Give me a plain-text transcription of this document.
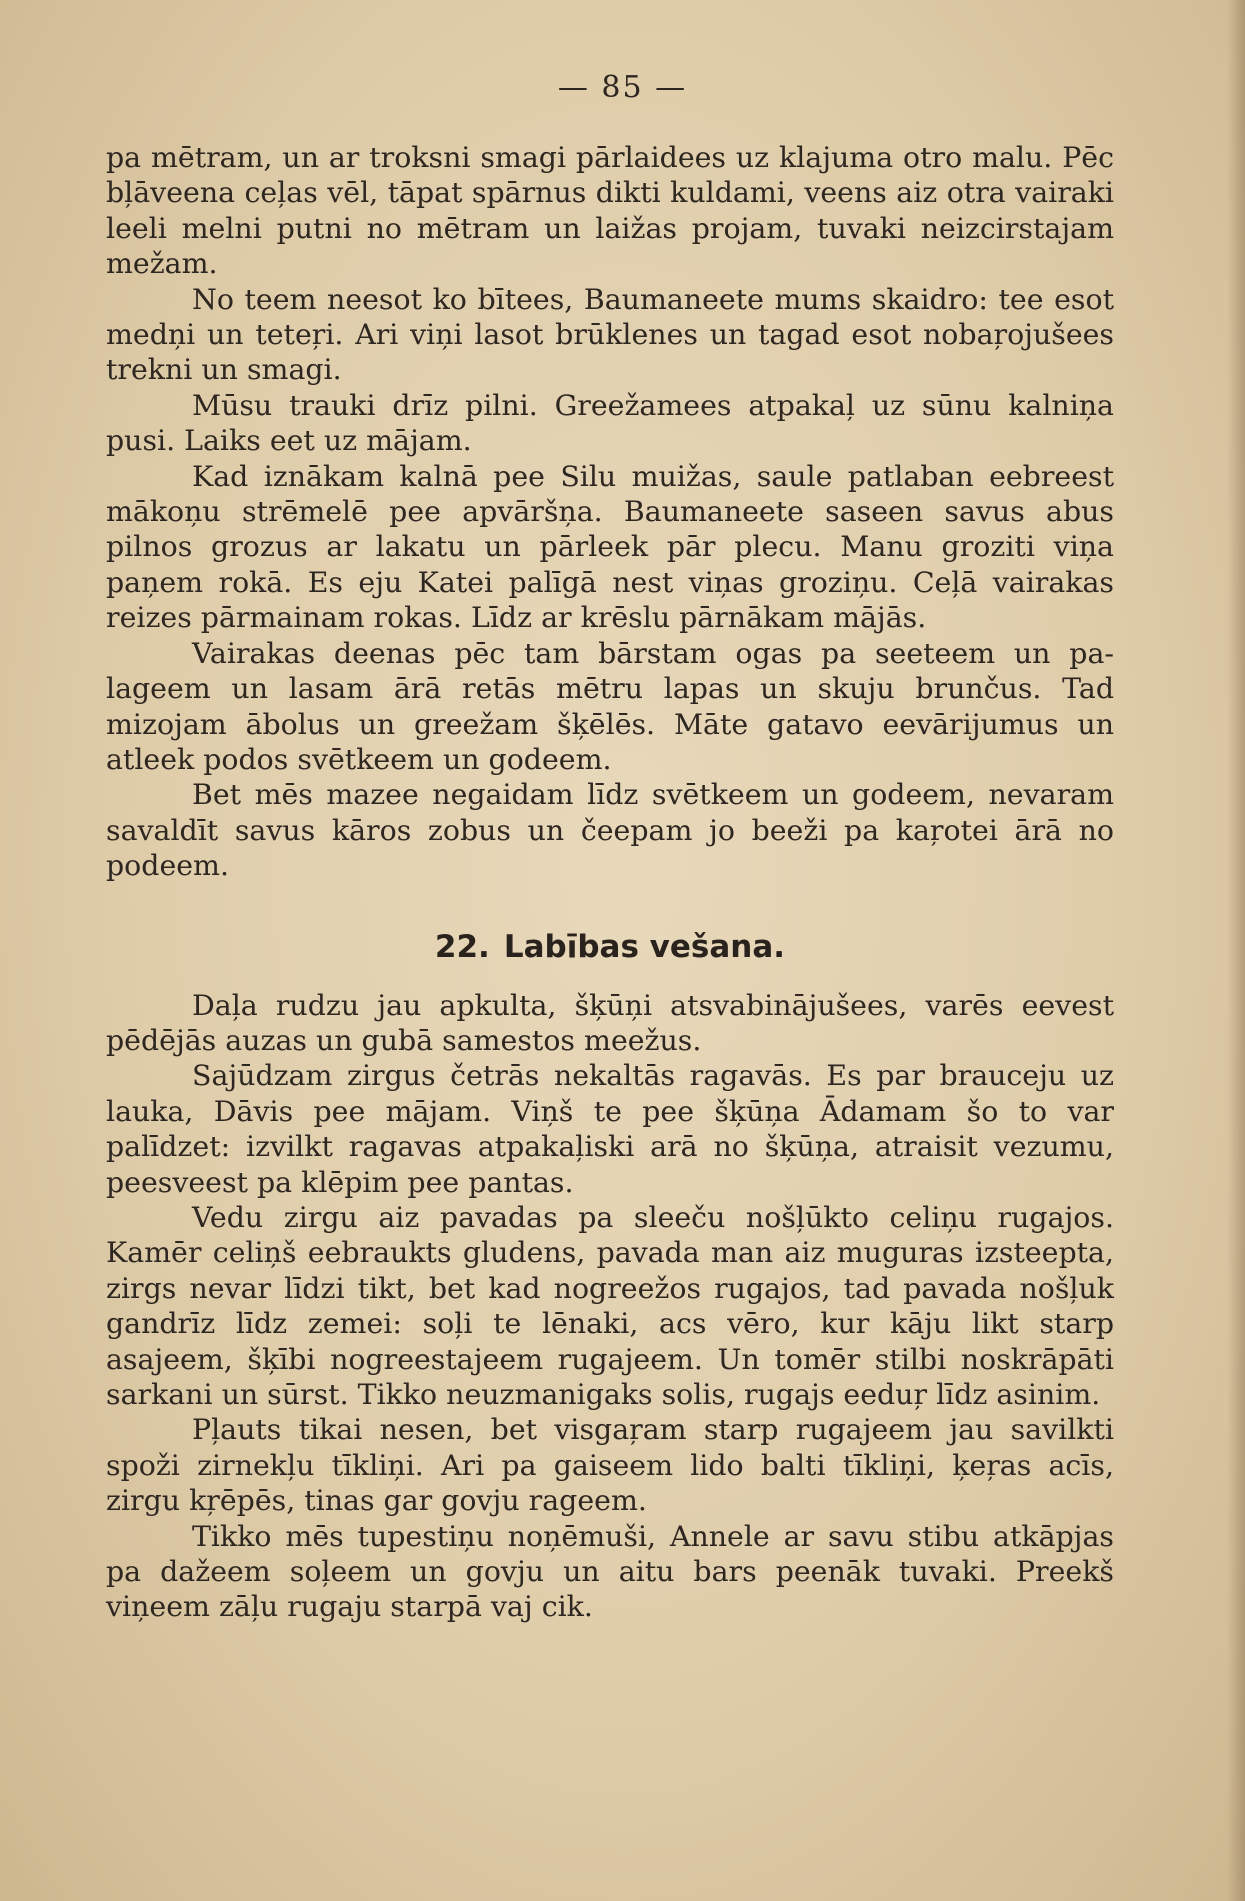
— 85 —

pa mētram, un ar troksni smagi pārlaidees uz klajuma otro malu. Pēc bļāveena ceļas vēl, tāpat spārnus dikti kuldami, veens aiz otra vairaki leeli melni putni no mētram un laižas projam, tuvaki neizcirstajam mežam.

No teem neesot ko bītees, Baumaneete mums skaidro: tee esot medņi un teteŗi. Ari viņi lasot brūklenes un tagad esot nobaŗojušees trekni un smagi.

Mūsu trauki drīz pilni. Greežamees atpakaļ uz sūnu kalniņa pusi. Laiks eet uz mājam.

Kad iznākam kalnā pee Silu muižas, saule patlaban eebreest mākoņu strēmelē pee apvāršņa. Baumaneete saseen savus abus pilnos grozus ar lakatu un pārleek pār plecu. Manu groziti viņa paņem rokā. Es eju Katei palīgā nest viņas groziņu. Ceļā vairakas reizes pārmainam rokas. Līdz ar krēslu pārnākam mājās.

Vairakas deenas pēc tam bārstam ogas pa seeteem un palageem un lasam ārā retās mētru lapas un skuju brunčus. Tad mizojam ābolus un greežam šķēlēs. Māte gatavo eevārijumus un atleek podos svētkeem un godeem.

Bet mēs mazee negaidam līdz svētkeem un godeem, nevaram savaldīt savus kāros zobus un čeepam jo beeži pa kaŗotei ārā no podeem.

22. Labības vešana.

Daļa rudzu jau apkulta, šķūņi atsvabinājušees, varēs eevest pēdējās auzas un gubā samestos meežus.

Sajūdzam zirgus četrās nekaltās ragavās. Es par brauceju uz lauka, Dāvis pee mājam. Viņš te pee šķūņa Ādamam šo to var palīdzet: izvilkt ragavas atpakaļiski arā no šķūņa, atraisit vezumu, peesveest pa klēpim pee pantas.

Vedu zirgu aiz pavadas pa sleeču nošļūkto celiņu rugajos. Kamēr celiņš eebraukts gludens, pavada man aiz muguras izsteepta, zirgs nevar līdzi tikt, bet kad nogreežos rugajos, tad pavada nošļuk gandrīz līdz zemei: soļi te lēnaki, acs vēro, kur kāju likt starp asajeem, šķībi nogreestajeem rugajeem. Un tomēr stilbi noskrāpāti sarkani un sūrst. Tikko neuzmanigaks solis, rugajs eeduŗ līdz asinim.

Pļauts tikai nesen, bet visgaŗam starp rugajeem jau savilkti spoži zirnekļu tīkliņi. Ari pa gaiseem lido balti tīkliņi, ķeŗas acīs, zirgu kŗēpēs, tinas gar govju rageem.

Tikko mēs tupestiņu noņēmuši, Annele ar savu stibu atkāpjas pa dažeem soļeem un govju un aitu bars peenāk tuvaki. Preekš viņeem zāļu rugaju starpā vaj cik.
